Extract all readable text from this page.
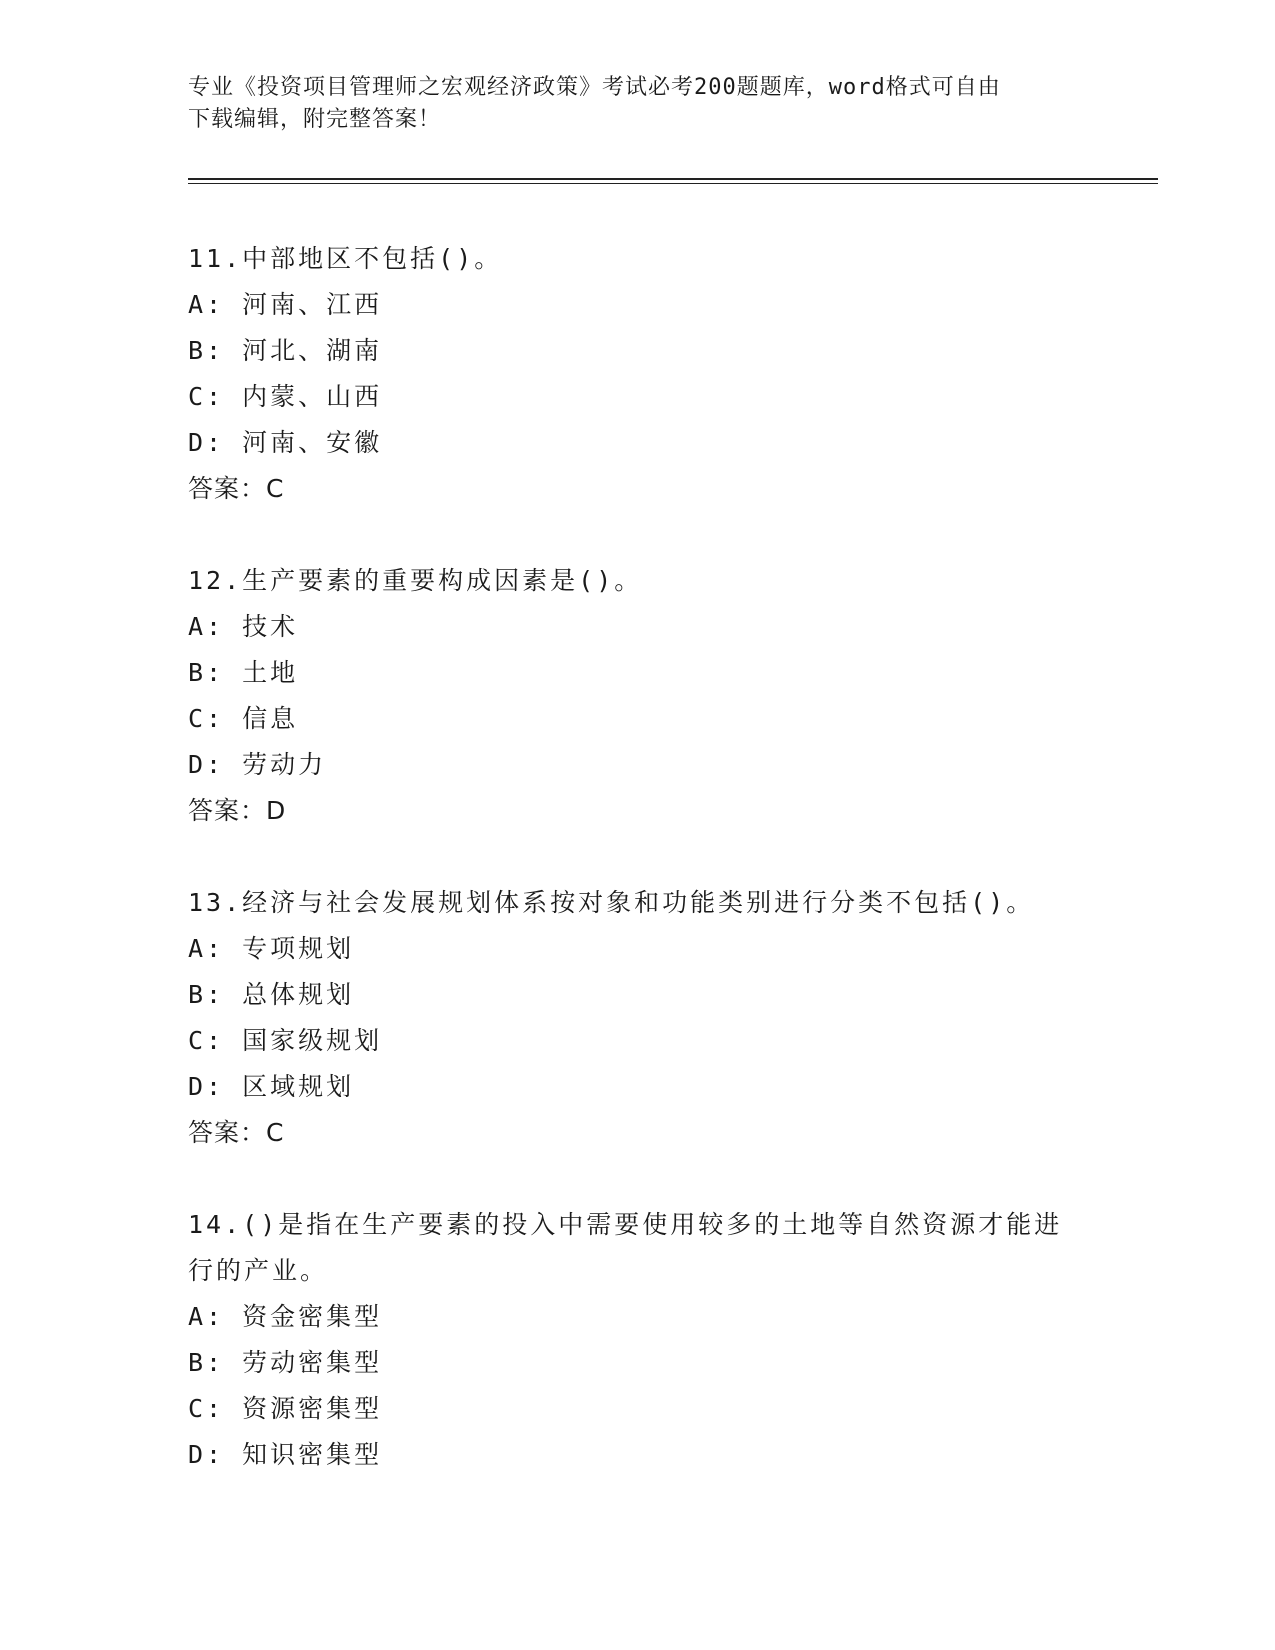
专业《投资项目管理师之宏观经济政策》考试必考200题题库，word格式可自由
下载编辑，附完整答案！

11.中部地区不包括()。

A: 河南、江西

B: 河北、湖南

C: 内蒙、山西

D: 河南、安徽

答案：C

12.生产要素的重要构成因素是()。

A: 技术

B: 土地

C: 信息

D: 劳动力

答案：D

13.经济与社会发展规划体系按对象和功能类别进行分类不包括()。

A: 专项规划

B: 总体规划

C: 国家级规划

D: 区域规划

答案：C

14.()是指在生产要素的投入中需要使用较多的土地等自然资源才能进

行的产业。

A: 资金密集型

B: 劳动密集型

C: 资源密集型

D: 知识密集型
